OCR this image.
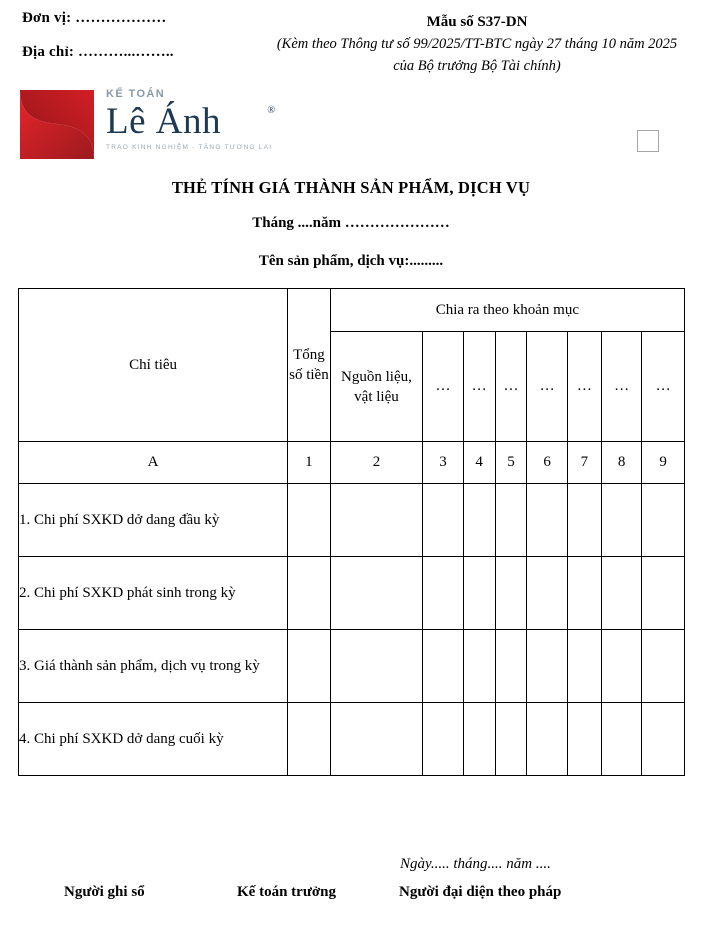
Đơn vị: ………………
Địa chỉ: ………...……..
KẾ TOÁN
Lê Ánh	®
TRAO KINH NGHIỆM - TĂNG TƯƠNG LAI
Mẫu số S37-DN
(Kèm theo Thông tư số 99/2025/TT-BTC ngày 27 tháng 10 năm 2025 của Bộ trưởng Bộ Tài chính)
THẺ TÍNH GIÁ THÀNH SẢN PHẨM, DỊCH VỤ
Tháng ....năm …………………
Tên sản phẩm, dịch vụ:.........
Chỉ tiêu	Tổng số tiền	Chia ra theo khoản mục							
		Nguồn liệu, vật liệu	…	…	…	…	…	…	…
A	1	2	3	4	5	6	7	8	9
1. Chi phí SXKD dở dang đầu kỳ									
2. Chi phí SXKD phát sinh trong kỳ									
3. Giá thành sản phẩm, dịch vụ trong kỳ									
4. Chi phí SXKD dở dang cuối kỳ									
Ngày..... tháng.... năm ....
Người ghi sổ	Kế toán trưởng	Người đại diện theo pháp
